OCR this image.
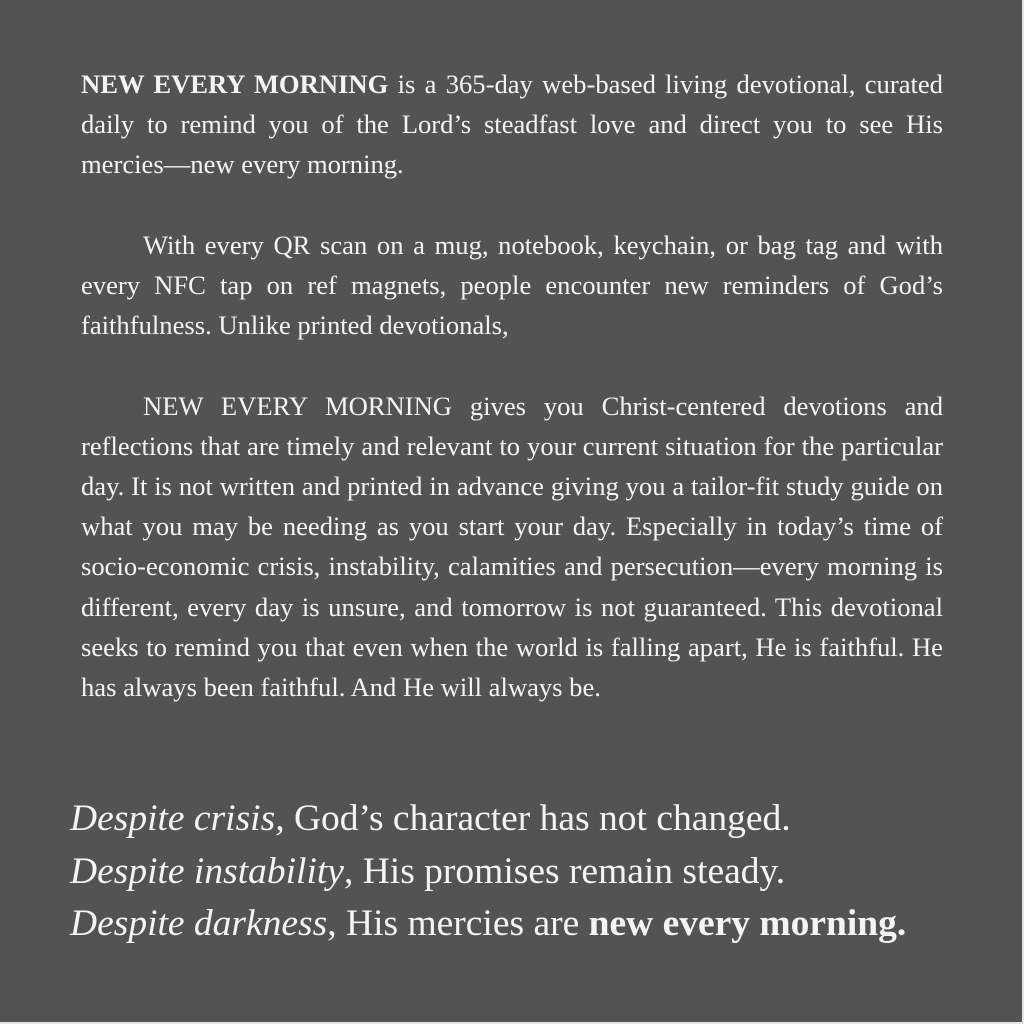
NEW EVERY MORNING is a 365-day web-based living devotional, curated daily to remind you of the Lord’s steadfast love and direct you to see His mercies—new every morning.

With every QR scan on a mug, notebook, keychain, or bag tag and with every NFC tap on ref magnets, people encounter new reminders of God’s faithfulness. Unlike printed devotionals,

NEW EVERY MORNING gives you Christ-centered devotions and reflections that are timely and relevant to your current situation for the particular day. It is not written and printed in advance giving you a tailor-fit study guide on what you may be needing as you start your day. Especially in today’s time of socio-economic crisis, instability, calamities and persecution—every morning is different, every day is unsure, and tomorrow is not guaranteed. This devotional seeks to remind you that even when the world is falling apart, He is faithful. He has always been faithful. And He will always be.

Despite crisis, God’s character has not changed.
Despite instability, His promises remain steady.
Despite darkness, His mercies are new every morning.
